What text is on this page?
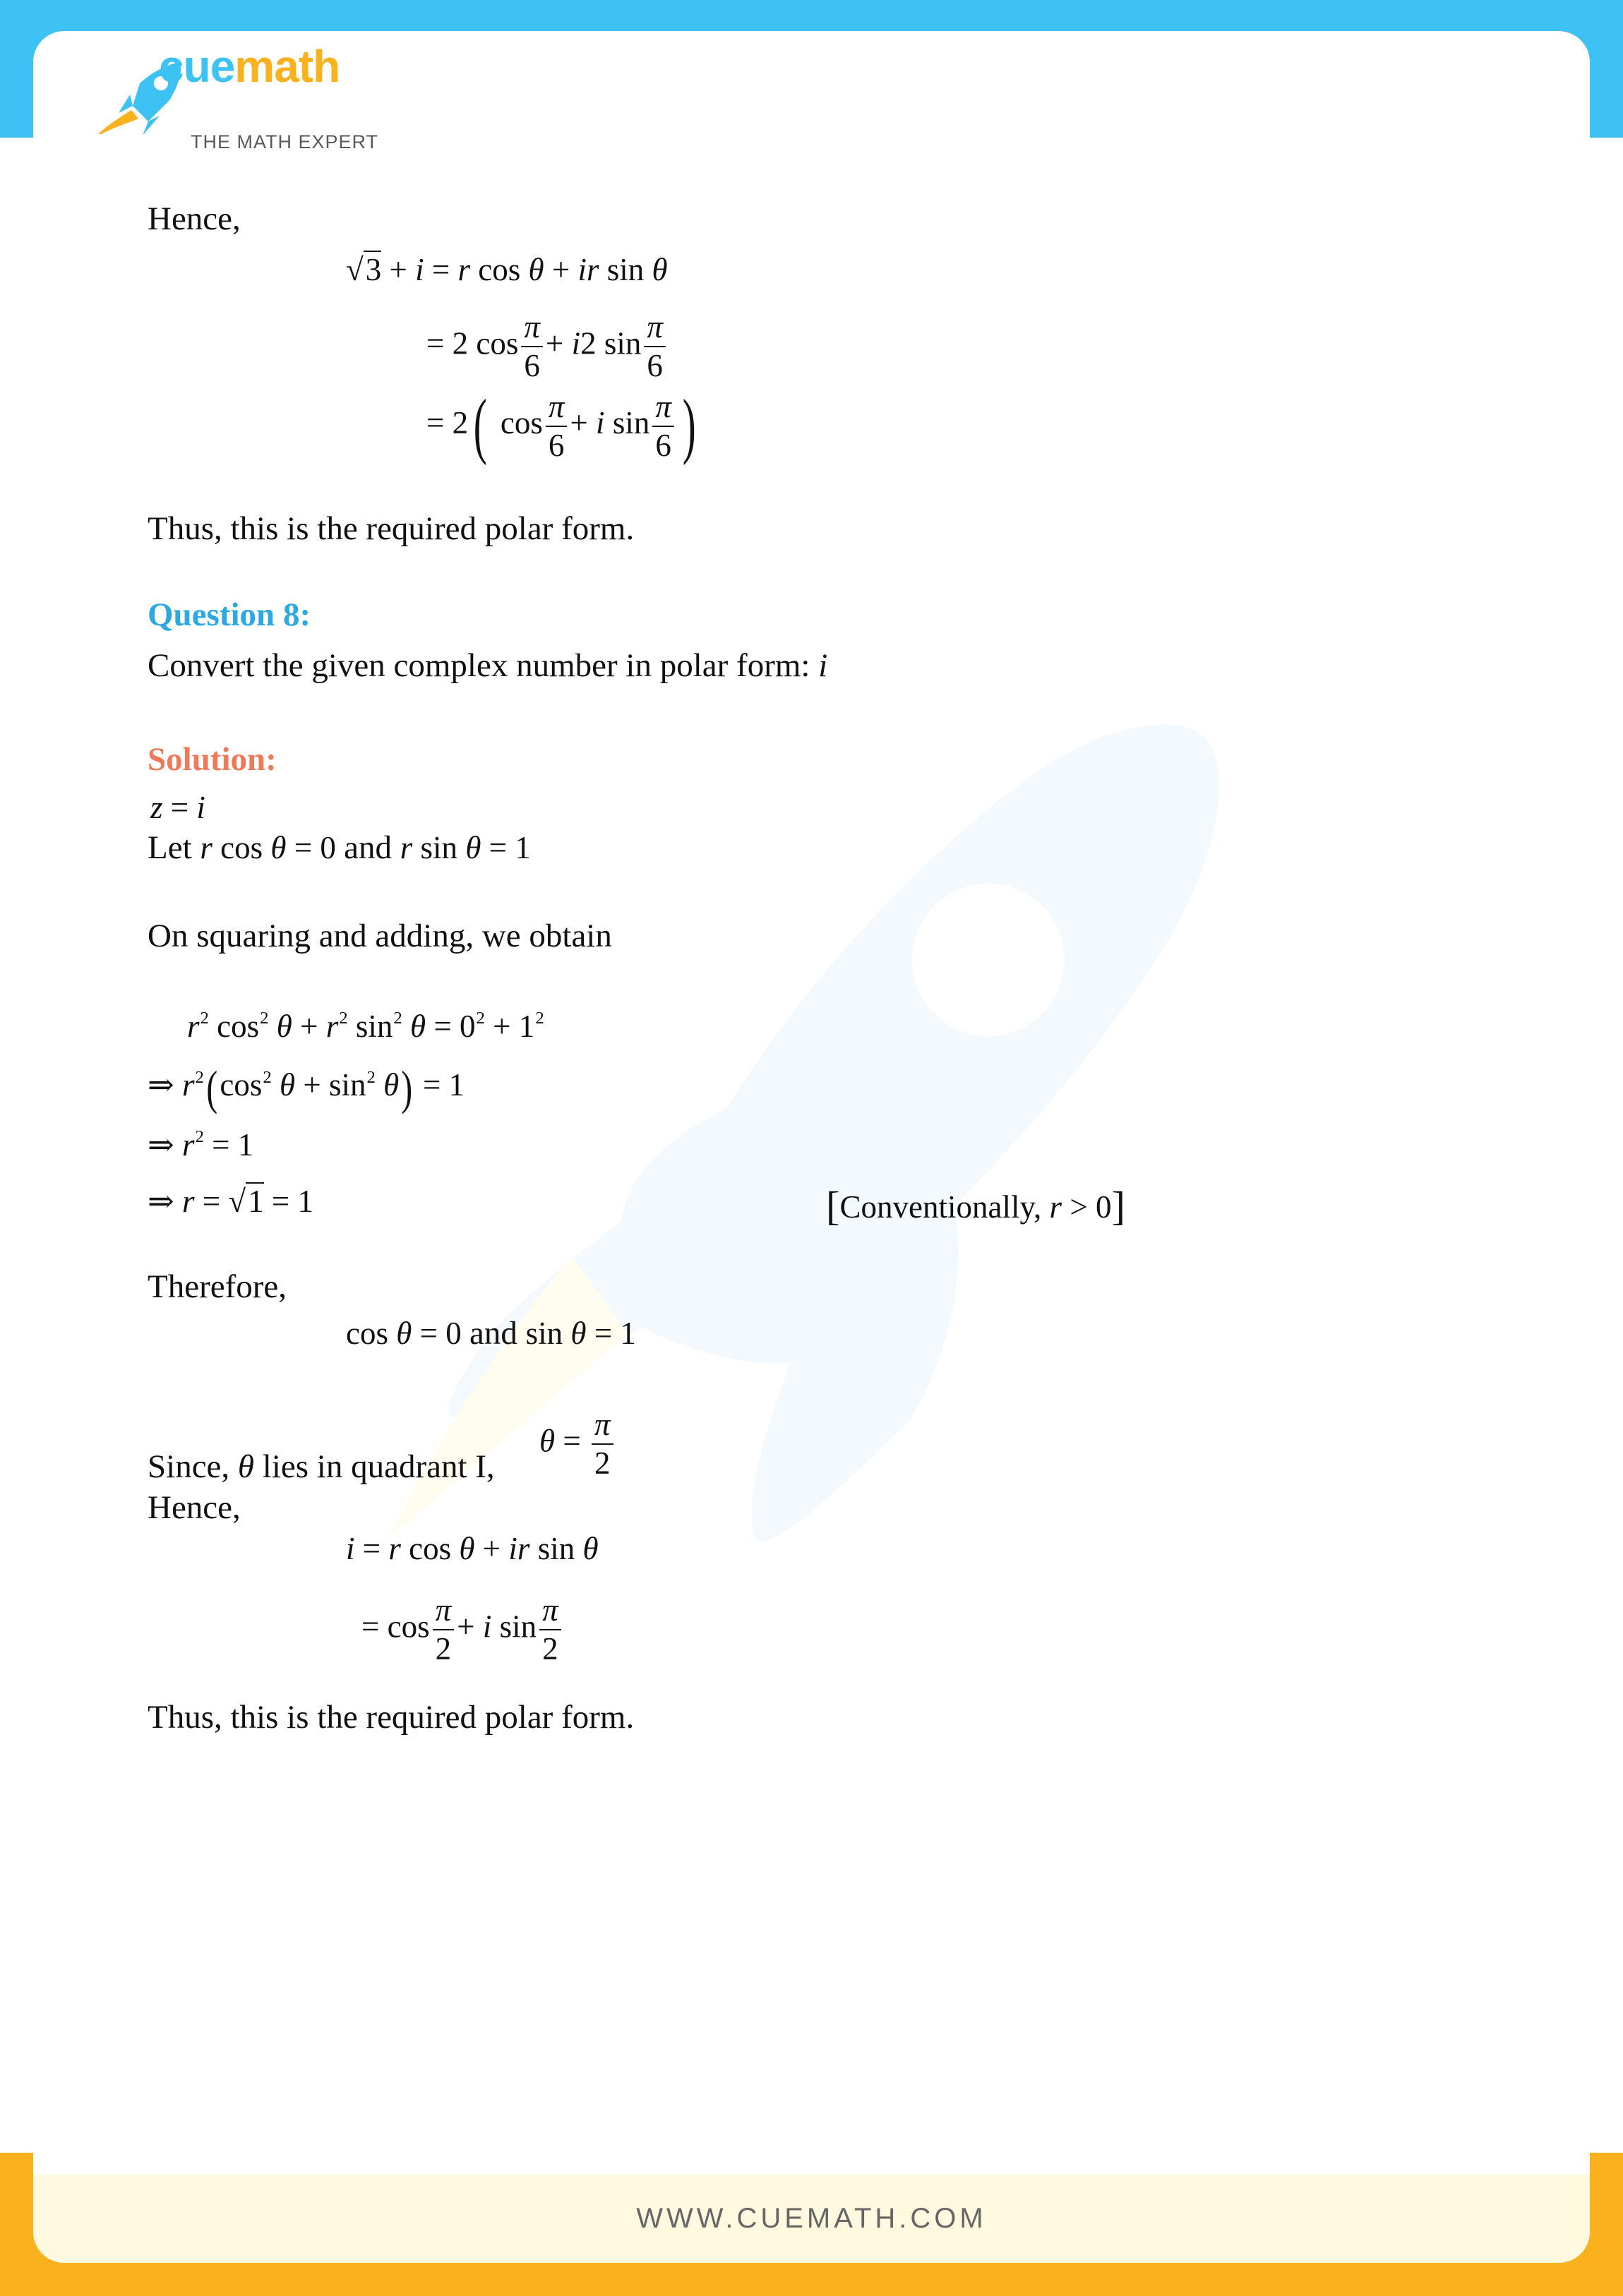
WWW.CUEMATH.COM
cuemath
THE MATH EXPERT
Hence,
√3 + i = r cos θ + ir sin θ
= 2 $\cos \frac{\pi}{6} + i2$ $\sin \frac{\pi}{6}$
= 2( $\cos \frac{\pi}{6} + i$ $\sin \frac{\pi}{6}$ )
Thus, this is the required polar form.
Question 8:
Convert the given complex number in polar form: i
Solution:
z = i
Let r cos θ = 0 and r sin θ = 1
On squaring and adding, we obtain
$r^2$ $\cos^2 \theta + r^2$ $\sin^2 \theta = 0^2 + 1^2$
⇒ $r^2(\cos^2$ $\theta + \sin^2 \theta) = 1$
⇒ $r^2 = 1$
⇒ r = √1 = 1	[Conventionally, r > 0]
Therefore,
cos θ = 0 and sin θ = 1
$\theta = \frac{\pi}{2}$
Since, θ lies in quadrant I,
Hence,
i = r cos θ + ir sin θ
= $\cos \frac{\pi}{2} + i$ $\sin \frac{\pi}{2}$
Thus, this is the required polar form.
